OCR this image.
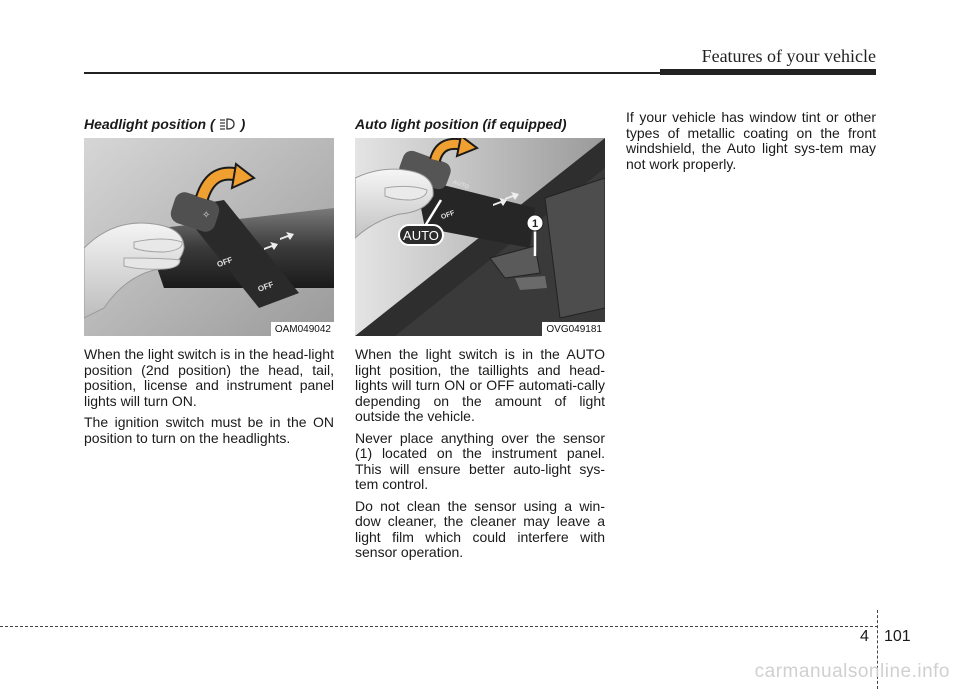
Features of your vehicle
Headlight position ( )
✧
OFF
OFF
OAM049042

When the light switch is in the head-light position (2nd position) the head, tail, position, license and instrument panel lights will turn ON.

The ignition switch must be in the ON position to turn on the headlights.

Auto light position (if equipped)
AUTO
OFF
AUTO
1
OVG049181

When the light switch is in the AUTO light position, the taillights and head-lights will turn ON or OFF automati-cally depending on the amount of light outside the vehicle.

Never place anything over the sensor (1) located on the instrument panel. This will ensure better auto-light sys-tem control.

Do not clean the sensor using a win-dow cleaner, the cleaner may leave a light film which could interfere with sensor operation.

If your vehicle has window tint or other types of metallic coating on the front windshield, the Auto light sys-tem may not work properly.

4 101
carmanualsonline.info
